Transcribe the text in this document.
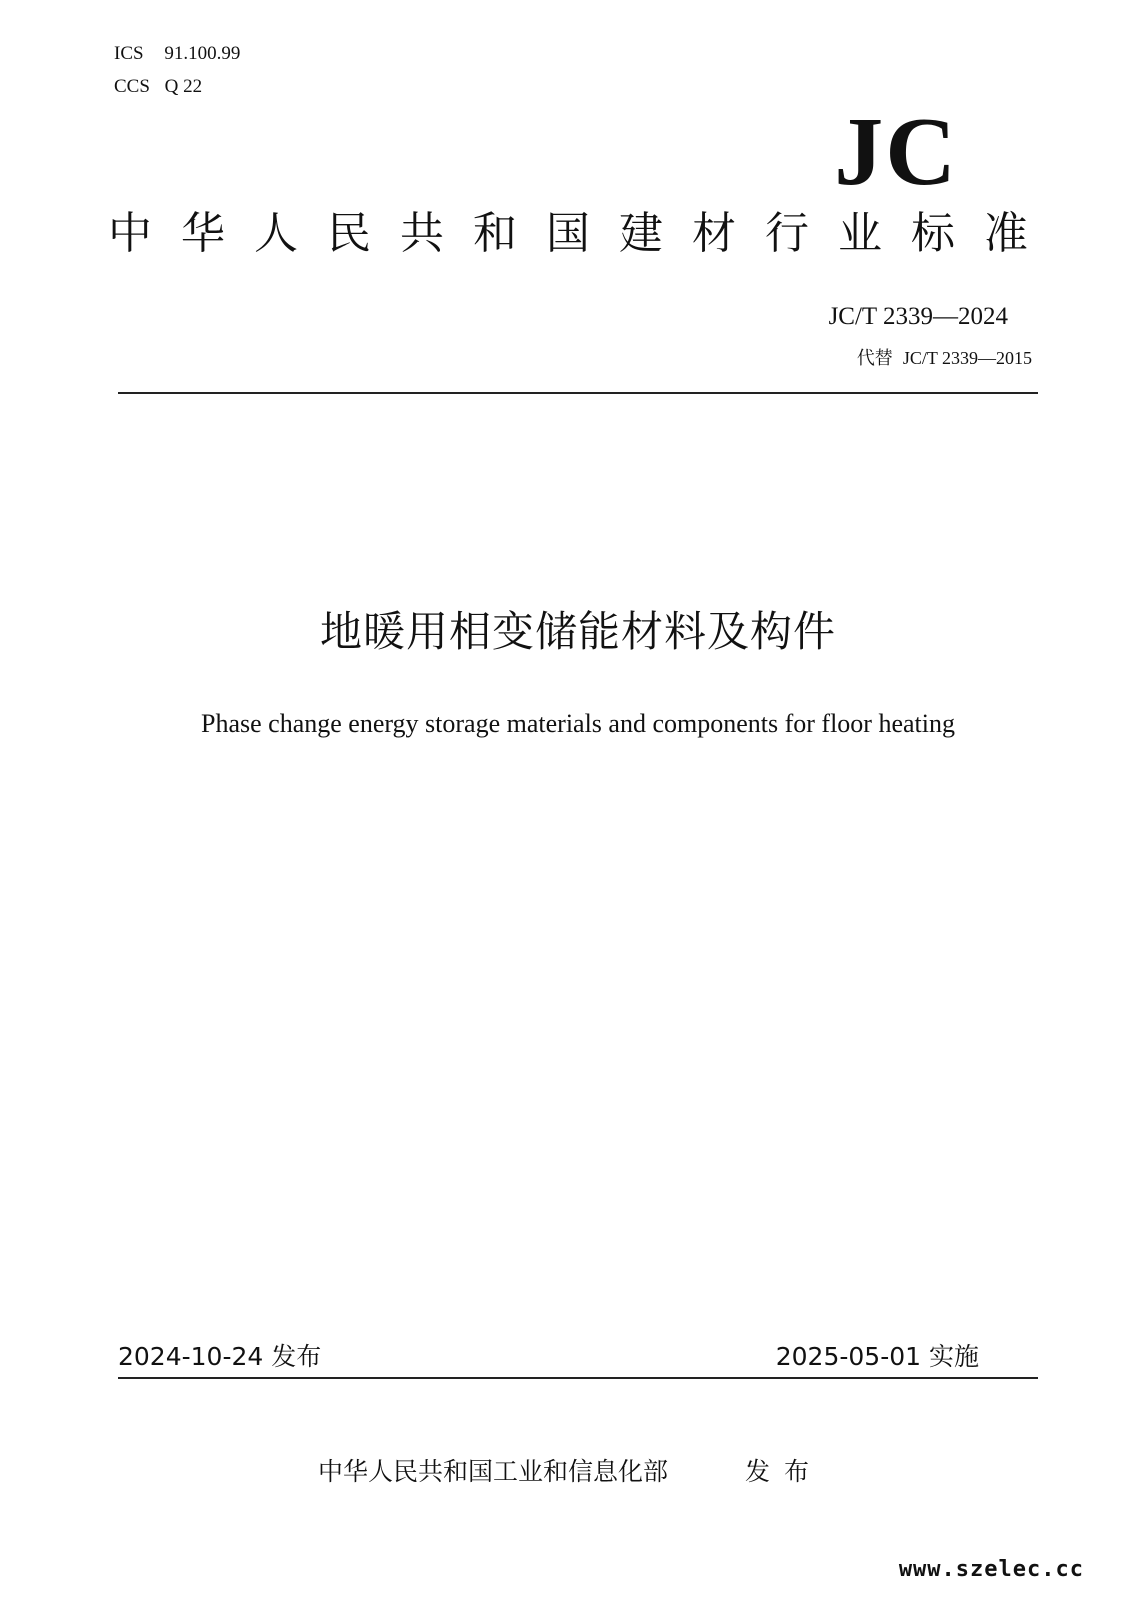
ICS 91.100.99
CCS Q 22
JC
中 华 人 民 共 和 国 建 材 行 业 标 准
JC/T 2339—2024
代替 JC/T 2339—2015
地暖用相变储能材料及构件
Phase change energy storage materials and components for floor heating
2024-10-24 发布	2025-05-01 实施
中华人民共和国工业和信息化部	发布
www.szelec.cc
